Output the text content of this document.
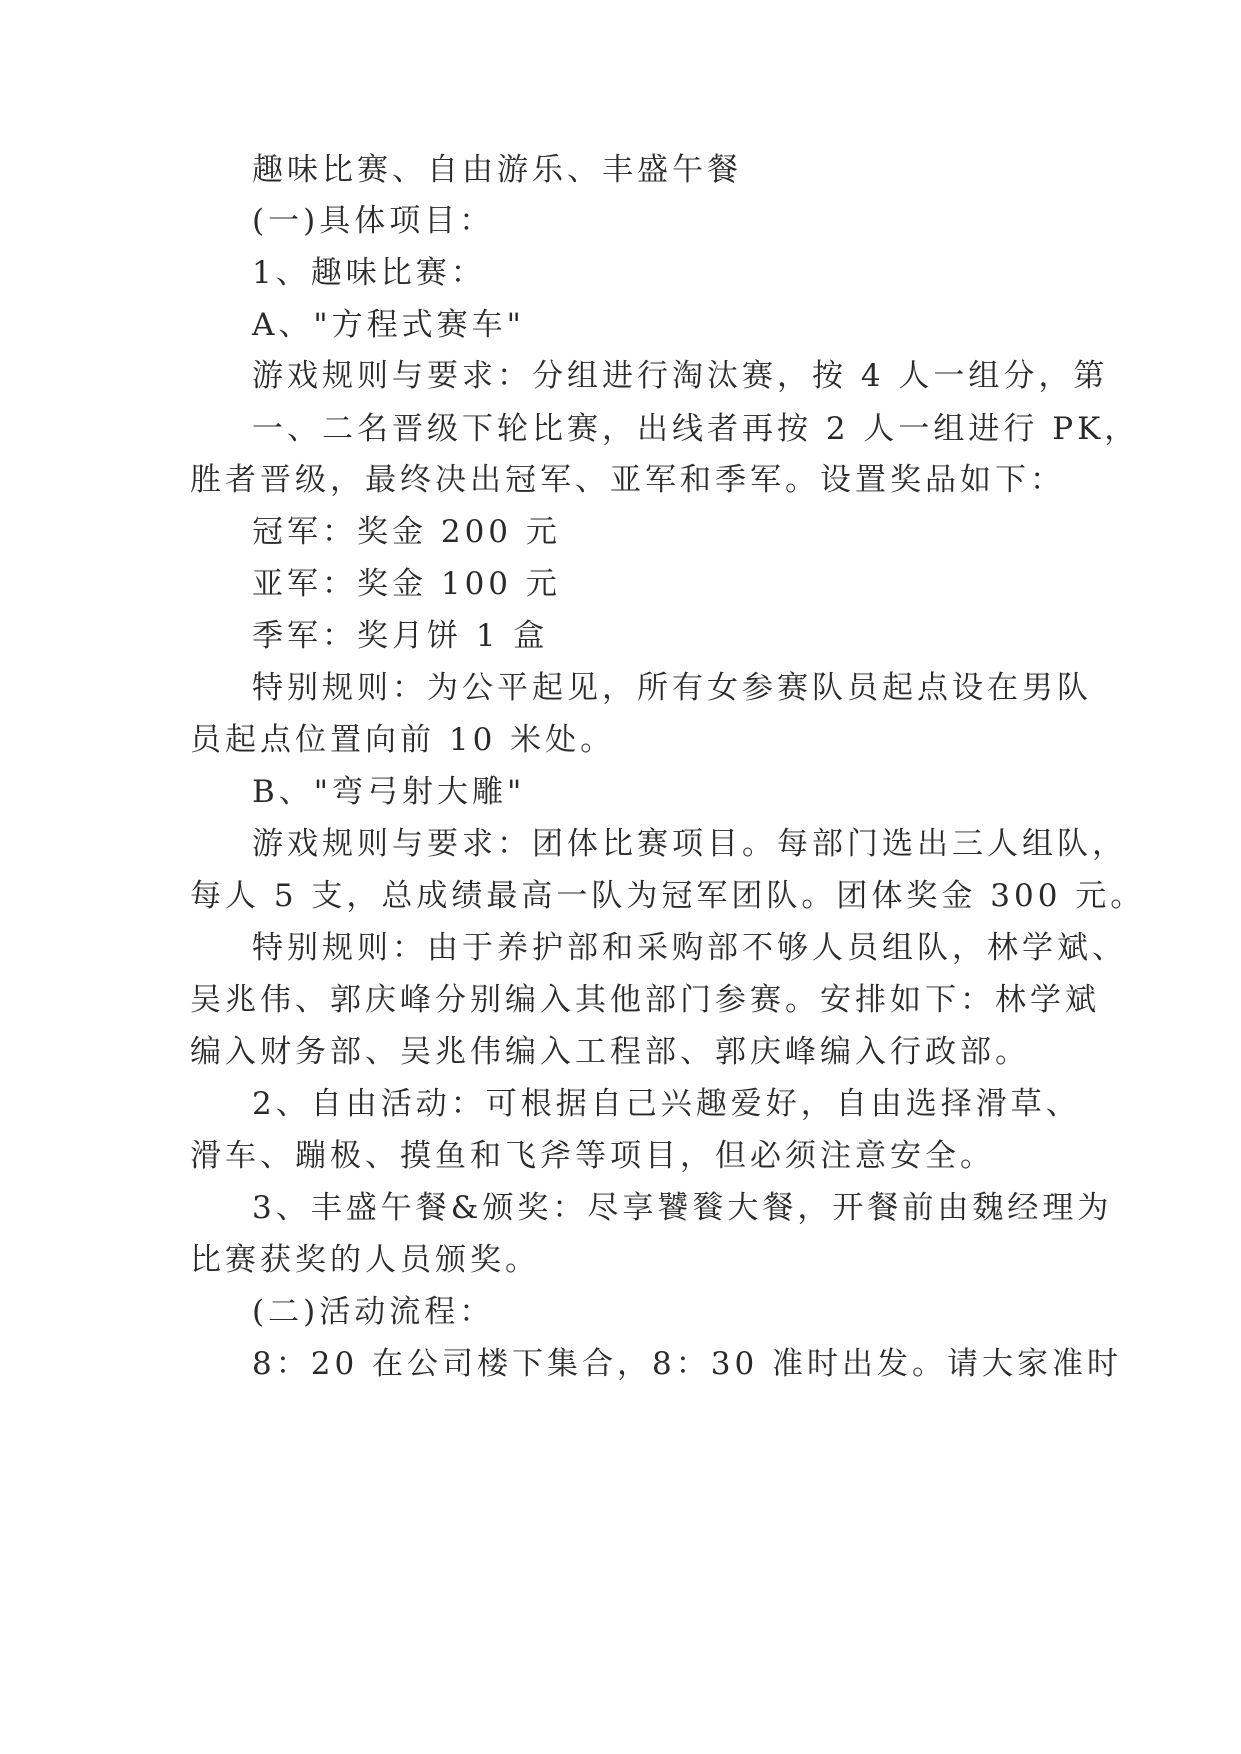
趣味比赛、自由游乐、丰盛午餐

(一)具体项目：

1、趣味比赛：

A、"方程式赛车"

游戏规则与要求：分组进行淘汰赛，按 4 人一组分，第

一、二名晋级下轮比赛，出线者再按 2 人一组进行 PK，

胜者晋级，最终决出冠军、亚军和季军。设置奖品如下：

冠军：奖金 200 元

亚军：奖金 100 元

季军：奖月饼 1 盒

特别规则：为公平起见，所有女参赛队员起点设在男队

员起点位置向前 10 米处。

B、"弯弓射大雕"

游戏规则与要求：团体比赛项目。每部门选出三人组队，

每人 5 支，总成绩最高一队为冠军团队。团体奖金 300 元。

特别规则：由于养护部和采购部不够人员组队，林学斌、

吴兆伟、郭庆峰分别编入其他部门参赛。安排如下：林学斌

编入财务部、吴兆伟编入工程部、郭庆峰编入行政部。

2、自由活动：可根据自己兴趣爱好，自由选择滑草、

滑车、蹦极、摸鱼和飞斧等项目，但必须注意安全。

3、丰盛午餐&颁奖：尽享饕餮大餐，开餐前由魏经理为

比赛获奖的人员颁奖。

(二)活动流程：

8：20 在公司楼下集合，8：30 准时出发。请大家准时
